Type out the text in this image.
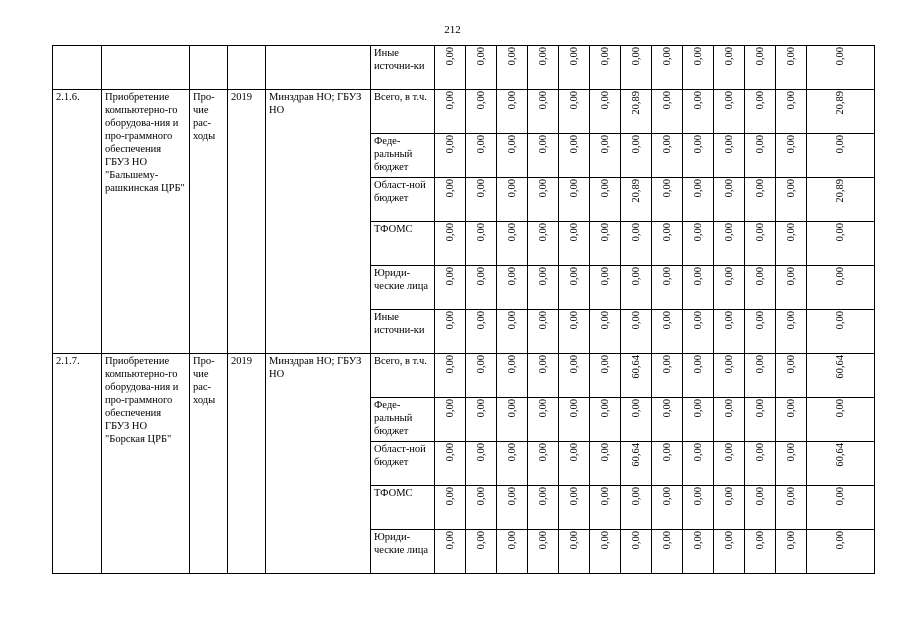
212
					Иные источни-ки	0,00	0,00	0,00	0,00	0,00	0,00	0,00	0,00	0,00	0,00	0,00	0,00	0,00
2.1.6.	Приобретение компьютерно-го оборудова-ния и про-граммного обеспечения ГБУЗ НО "Бальшему-рашкинская ЦРБ"	Про-чие рас-ходы	2019	Минздрав НО; ГБУЗ НО	Всего, в т.ч.	0,00	0,00	0,00	0,00	0,00	0,00	20,89	0,00	0,00	0,00	0,00	0,00	20,89
					Феде-ральный бюджет	0,00	0,00	0,00	0,00	0,00	0,00	0,00	0,00	0,00	0,00	0,00	0,00	0,00
					Област-ной бюджет	0,00	0,00	0,00	0,00	0,00	0,00	20,89	0,00	0,00	0,00	0,00	0,00	20,89
					ТФОМС	0,00	0,00	0,00	0,00	0,00	0,00	0,00	0,00	0,00	0,00	0,00	0,00	0,00
					Юриди-ческие лица	0,00	0,00	0,00	0,00	0,00	0,00	0,00	0,00	0,00	0,00	0,00	0,00	0,00
					Иные источни-ки	0,00	0,00	0,00	0,00	0,00	0,00	0,00	0,00	0,00	0,00	0,00	0,00	0,00
2.1.7.	Приобретение компьютерно-го оборудова-ния и про-граммного обеспечения ГБУЗ НО "Борская ЦРБ"	Про-чие рас-ходы	2019	Минздрав НО; ГБУЗ НО	Всего, в т.ч.	0,00	0,00	0,00	0,00	0,00	0,00	60,64	0,00	0,00	0,00	0,00	0,00	60,64
					Феде-ральный бюджет	0,00	0,00	0,00	0,00	0,00	0,00	0,00	0,00	0,00	0,00	0,00	0,00	0,00
					Област-ной бюджет	0,00	0,00	0,00	0,00	0,00	0,00	60,64	0,00	0,00	0,00	0,00	0,00	60,64
					ТФОМС	0,00	0,00	0,00	0,00	0,00	0,00	0,00	0,00	0,00	0,00	0,00	0,00	0,00
					Юриди-ческие лица	0,00	0,00	0,00	0,00	0,00	0,00	0,00	0,00	0,00	0,00	0,00	0,00	0,00
